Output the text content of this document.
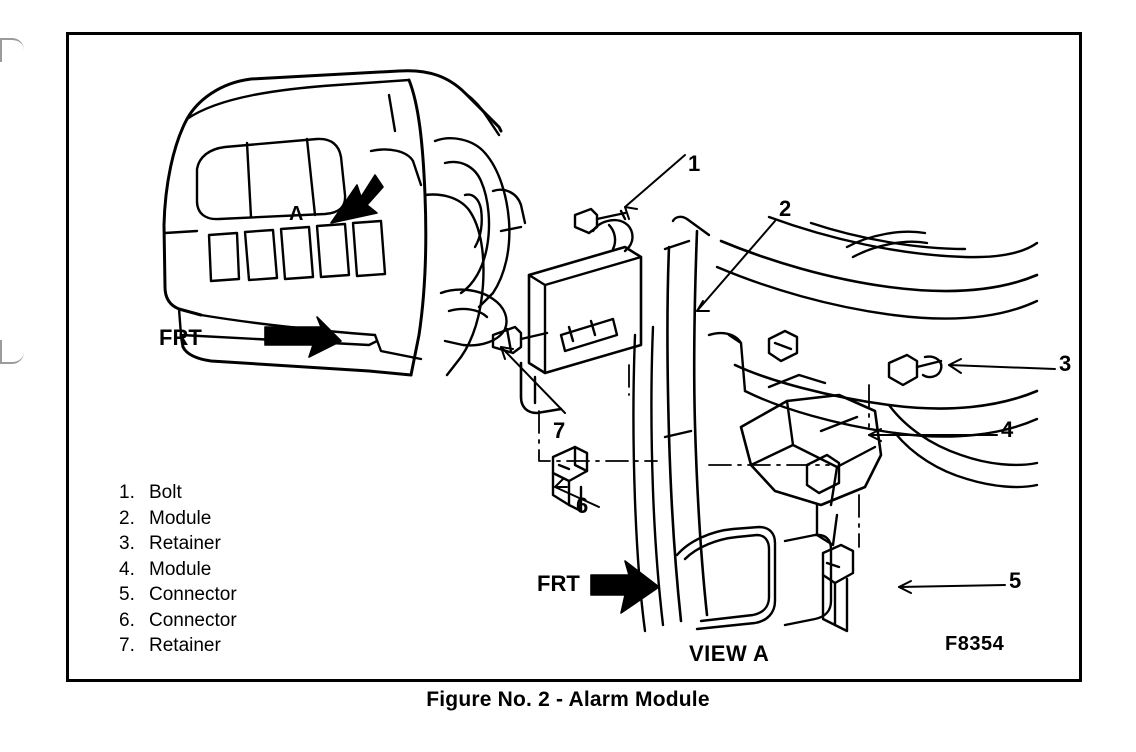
1
2
3
4
5
6
7
A
FRT
FRT
VIEW A	F8354
1. Bolt
2. Module
3. Retainer
4. Module
5. Connector
6. Connector
7. Retainer
Figure No. 2 - Alarm Module
